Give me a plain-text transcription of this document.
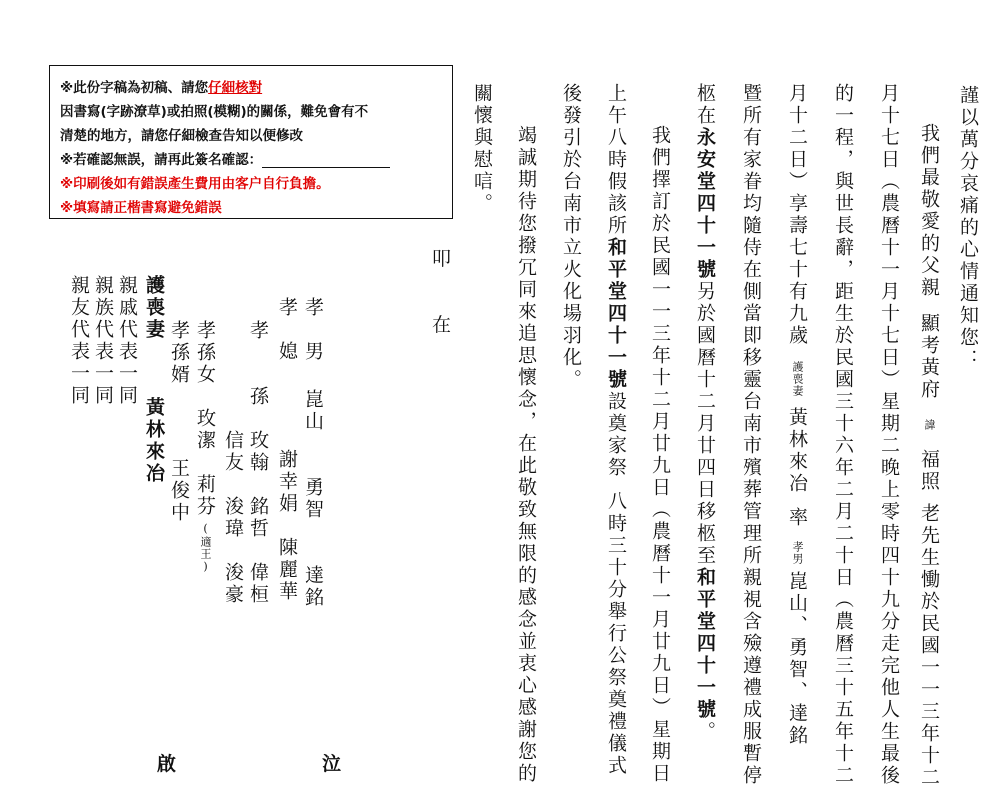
謹以萬分哀痛的心情通知您：
我們最敬愛的父親顯考黃府諱福照老先生慟於民國一一三年十二
月十七日（農曆十一月十七日）星期二晚上零時四十九分走完他人生最後
的一程，與世長辭，距生於民國三十六年二月二十日（農曆三十五年十二
月十二日）享壽七十有九歲護喪妻黃林來冶率孝男崑山、勇智、達銘
暨所有家眷均隨侍在側當即移靈台南市殯葬管理所親視含殮遵禮成服暫停
柩在永安堂四十一號另於國曆十二月廿四日移柩至和平堂四十一號。
我們擇訂於民國一一三年十二月廿九日（農曆十一月廿九日）星期日
上午八時假該所和平堂四十一號設奠家祭八時三十分舉行公祭奠禮儀式
後發引於台南市立火化場羽化。
竭誠期待您撥冗同來追思懷念，在此敬致無限的感念並衷心感謝您的
關懷與慰唁。

※此份字稿為初稿、請您仔細核對

因書寫(字跡潦草)或拍照(模糊)的關係，難免會有不

清楚的地方，請您仔細檢查告知以便修改

※若確認無誤，請再此簽名確認：

※印刷後如有錯誤產生費用由客户自行負擔。

※填寫請正楷書寫避免錯誤

叩
在
孝　男崑山　　勇智　　達銘
孝　媳謝幸娟　陳麗華
孝　　孫玫翰　銘哲　偉桓
信友　浚瑋　浚豪
孝孫女玫潔　莉芬(適王)
孝孫婿王俊中
護喪妻黃林來冶
親戚代表一同
親族代表一同
親友代表一同
啟	泣
